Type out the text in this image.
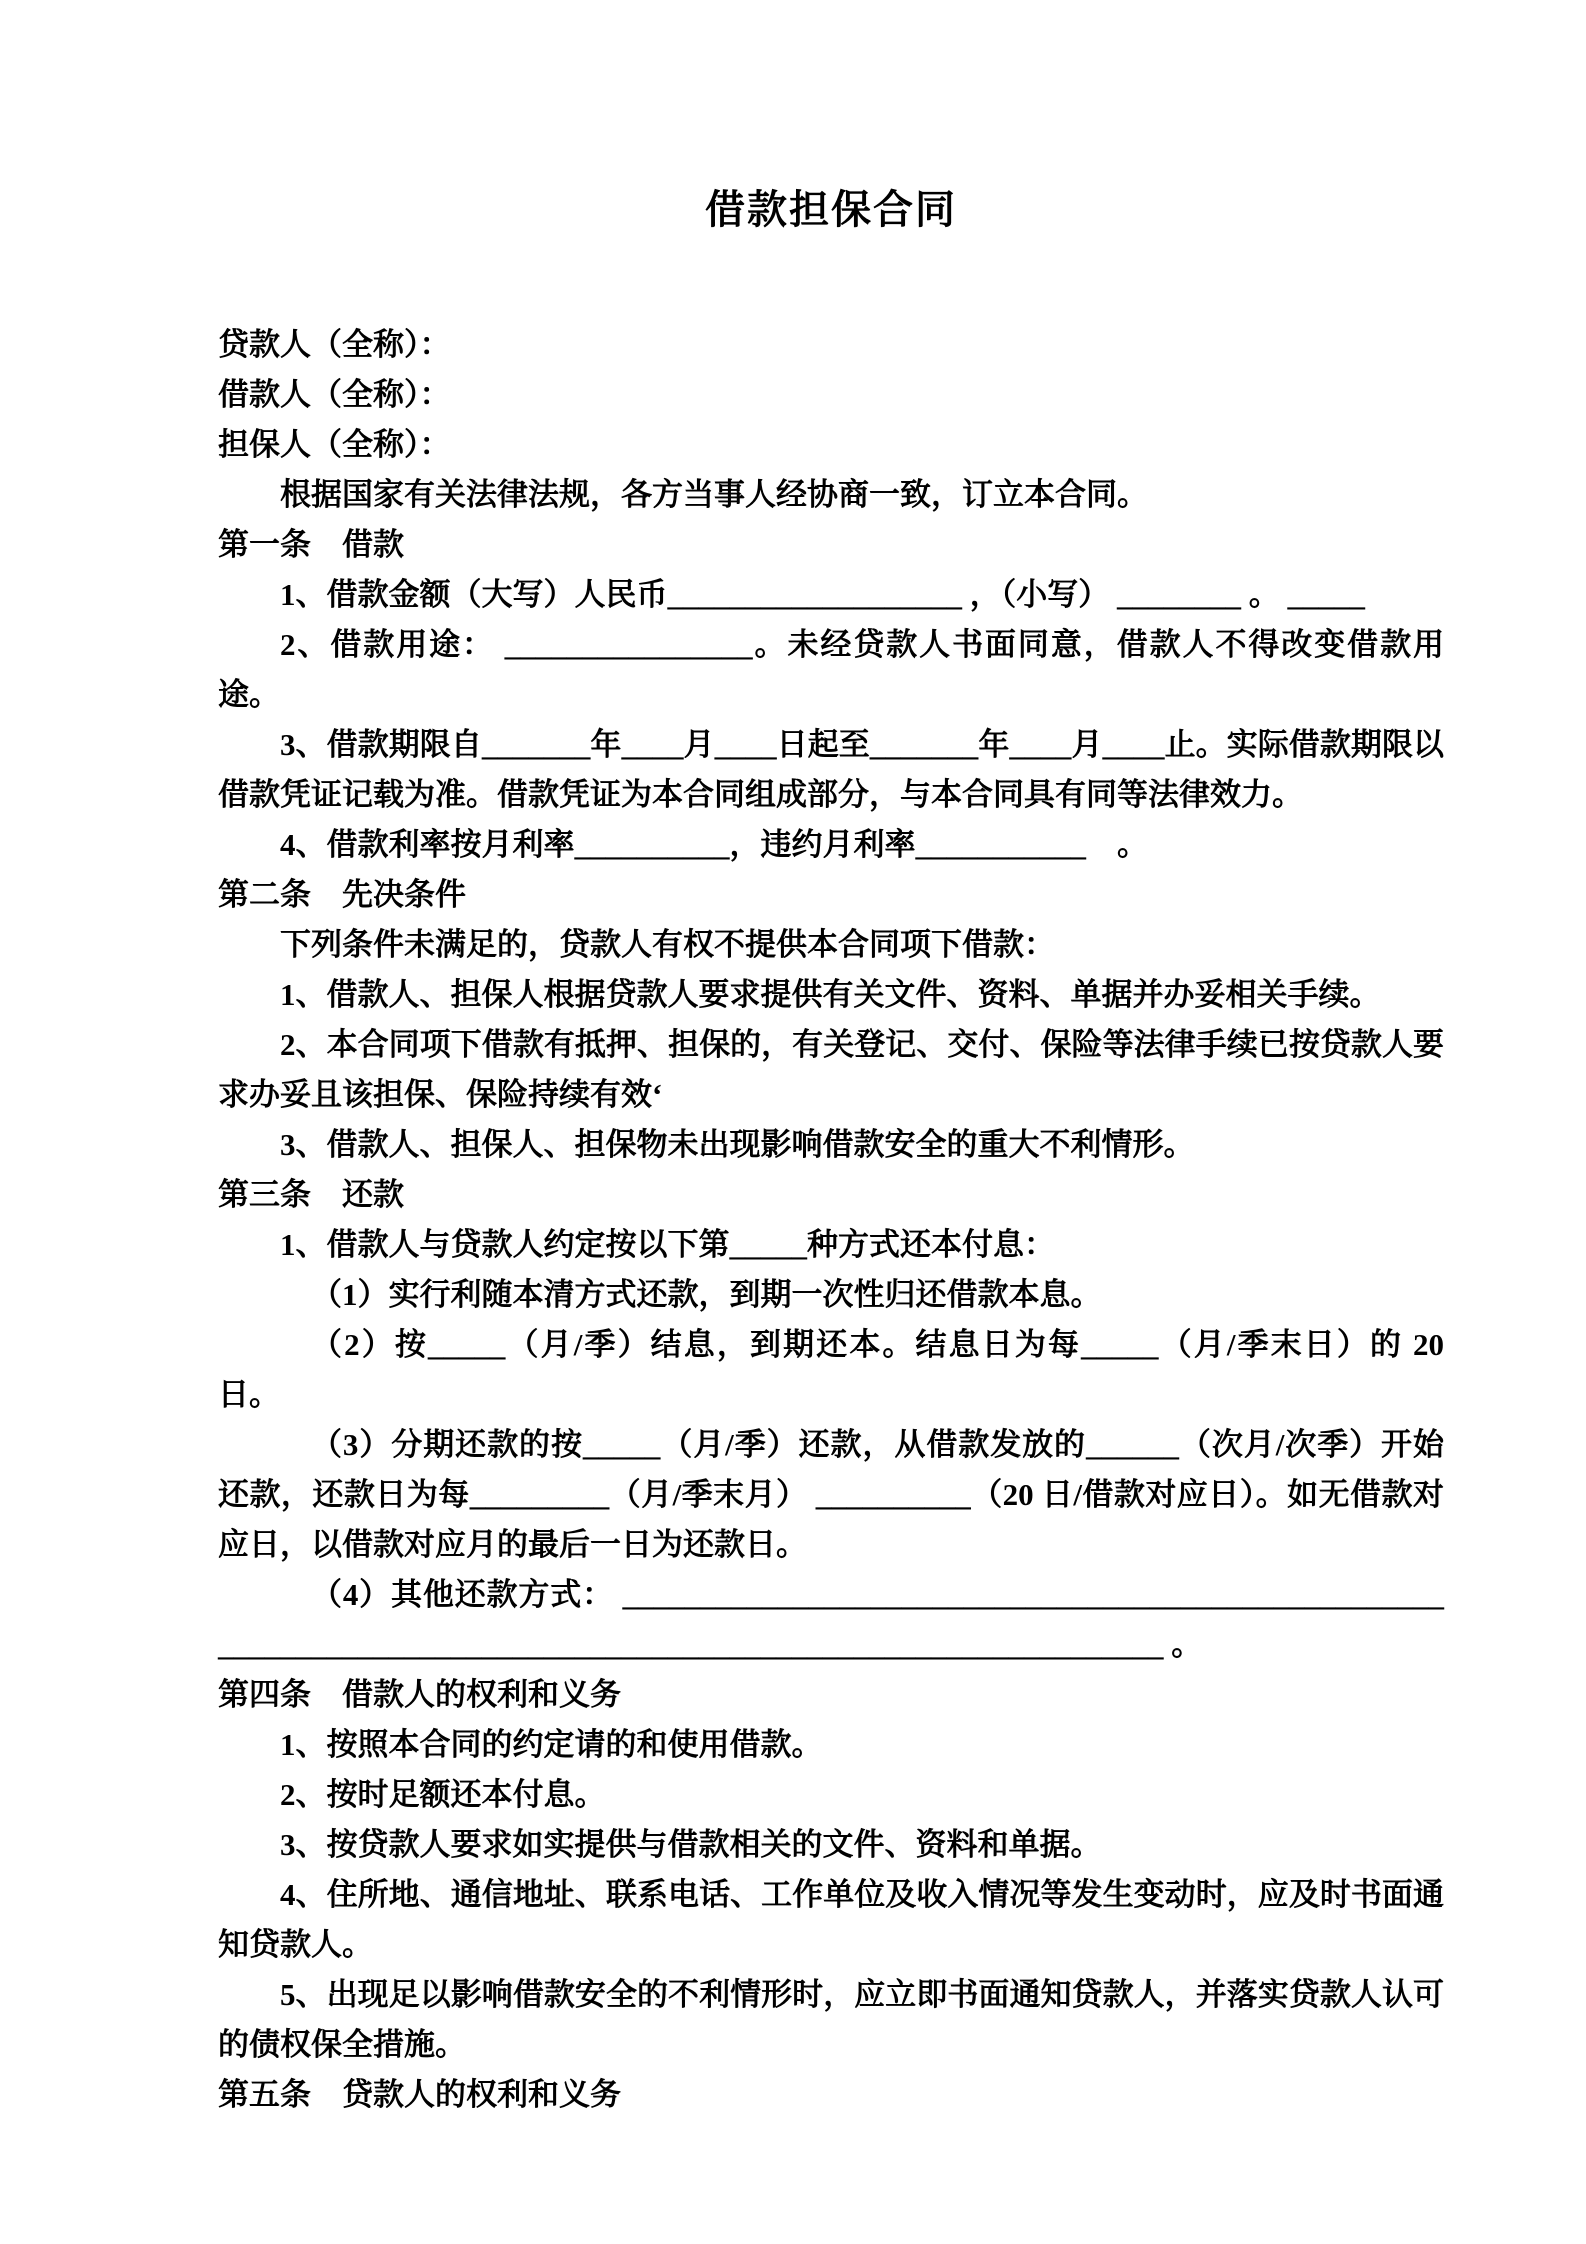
借款担保合同

贷款人（全称）：

借款人（全称）：

担保人（全称）：

根据国家有关法律法规，各方当事人经协商一致，订立本合同。

第一条　借款

1、借款金额（大写）人民币___________________ ，（小写） ________ 。 _____

2、借款用途： ________________。未经贷款人书面同意，借款人不得改变借款用途。

3、借款期限自_______年____月____日起至_______年____月____止。实际借款期限以借款凭证记载为准。借款凭证为本合同组成部分，与本合同具有同等法律效力。

4、借款利率按月利率__________，违约月利率___________　。

第二条　先决条件

下列条件未满足的，贷款人有权不提供本合同项下借款：

1、借款人、担保人根据贷款人要求提供有关文件、资料、单据并办妥相关手续。

2、本合同项下借款有抵押、担保的，有关登记、交付、保险等法律手续已按贷款人要求办妥且该担保、保险持续有效‘

3、借款人、担保人、担保物未出现影响借款安全的重大不利情形。

第三条　还款

1、借款人与贷款人约定按以下第_____种方式还本付息：

（1）实行利随本清方式还款，到期一次性归还借款本息。

（2）按_____（月/季）结息，到期还本。结息日为每_____（月/季末日）的 20 日。

（3）分期还款的按_____（月/季）还款，从借款发放的______（次月/次季）开始 还款，还款日为每_________（月/季末月） __________（20 日/借款对应日）。如无借款对应日，以借款对应月的最后一日为还款日。

（4）其他还款方式： __________________________________________________________________________________________________________________ 。

第四条　借款人的权利和义务

1、按照本合同的约定请的和使用借款。

2、按时足额还本付息。

3、按贷款人要求如实提供与借款相关的文件、资料和单据。

4、住所地、通信地址、联系电话、工作单位及收入情况等发生变动时，应及时书面通知贷款人。

5、出现足以影响借款安全的不利情形时，应立即书面通知贷款人，并落实贷款人认可的债权保全措施。

第五条　贷款人的权利和义务
